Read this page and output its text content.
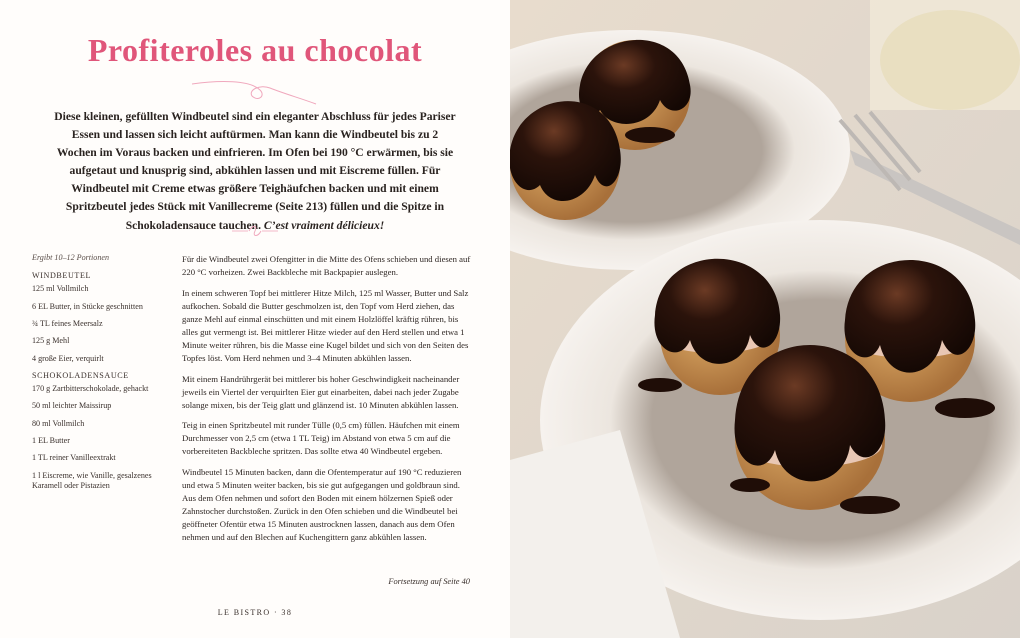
Profiteroles au chocolat

Diese kleinen, gefüllten Windbeutel sind ein eleganter Abschluss für jedes Pariser Essen und lassen sich leicht auftürmen. Man kann die Windbeutel bis zu 2 Wochen im Voraus backen und einfrieren. Im Ofen bei 190 °C erwärmen, bis sie aufgetaut und knusprig sind, abkühlen lassen und mit Eiscreme füllen. Für Windbeutel mit Creme etwas größere Teighäufchen backen und mit einem Spritzbeutel jedes Stück mit Vanillecreme (Seite 213) füllen und die Spitze in Schokoladensauce tauchen. C’est vraiment délicieux!

Ergibt 10–12 Portionen
WINDBEUTEL
125 ml Vollmilch
6 EL Butter, in Stücke geschnitten
¾ TL feines Meersalz
125 g Mehl
4 große Eier, verquirlt
SCHOKOLADENSAUCE
170 g Zartbitterschokolade, gehackt
50 ml leichter Maissirup
80 ml Vollmilch
1 EL Butter
1 TL reiner Vanilleextrakt
1 l Eiscreme, wie Vanille, gesalzenes Karamell oder Pistazien

Für die Windbeutel zwei Ofengitter in die Mitte des Ofens schieben und diesen auf 220 °C vorheizen. Zwei Backbleche mit Backpapier auslegen.

In einem schweren Topf bei mittlerer Hitze Milch, 125 ml Wasser, Butter und Salz aufkochen. Sobald die Butter geschmolzen ist, den Topf vom Herd ziehen, das ganze Mehl auf einmal einschütten und mit einem Holzlöffel kräftig rühren, bis alles gut vermengt ist. Bei mittlerer Hitze wieder auf den Herd stellen und etwa 1 Minute weiter rühren, bis die Masse eine Kugel bildet und sich von den Seiten des Topfes löst. Vom Herd nehmen und 3–4 Minuten abkühlen lassen.

Mit einem Handrührgerät bei mittlerer bis hoher Geschwindigkeit nacheinander jeweils ein Viertel der verquirlten Eier gut einarbeiten, dabei nach jeder Zugabe solange mixen, bis der Teig glatt und glänzend ist. 10 Minuten abkühlen lassen.

Teig in einen Spritzbeutel mit runder Tülle (0,5 cm) füllen. Häufchen mit einem Durchmesser von 2,5 cm (etwa 1 TL Teig) im Abstand von etwa 5 cm auf die vorbereiteten Backbleche spritzen. Das sollte etwa 40 Windbeutel ergeben.

Windbeutel 15 Minuten backen, dann die Ofentemperatur auf 190 °C reduzieren und etwa 5 Minuten weiter backen, bis sie gut aufgegangen und goldbraun sind. Aus dem Ofen nehmen und sofort den Boden mit einem hölzernen Spieß oder Zahnstocher durchstoßen. Zurück in den Ofen schieben und die Windbeutel bei geöffneter Ofentür etwa 15 Minuten austrocknen lassen, danach aus dem Ofen nehmen und auf den Blechen auf Kuchengittern ganz abkühlen lassen.

Fortsetzung auf Seite 40
LE BISTRO · 38
